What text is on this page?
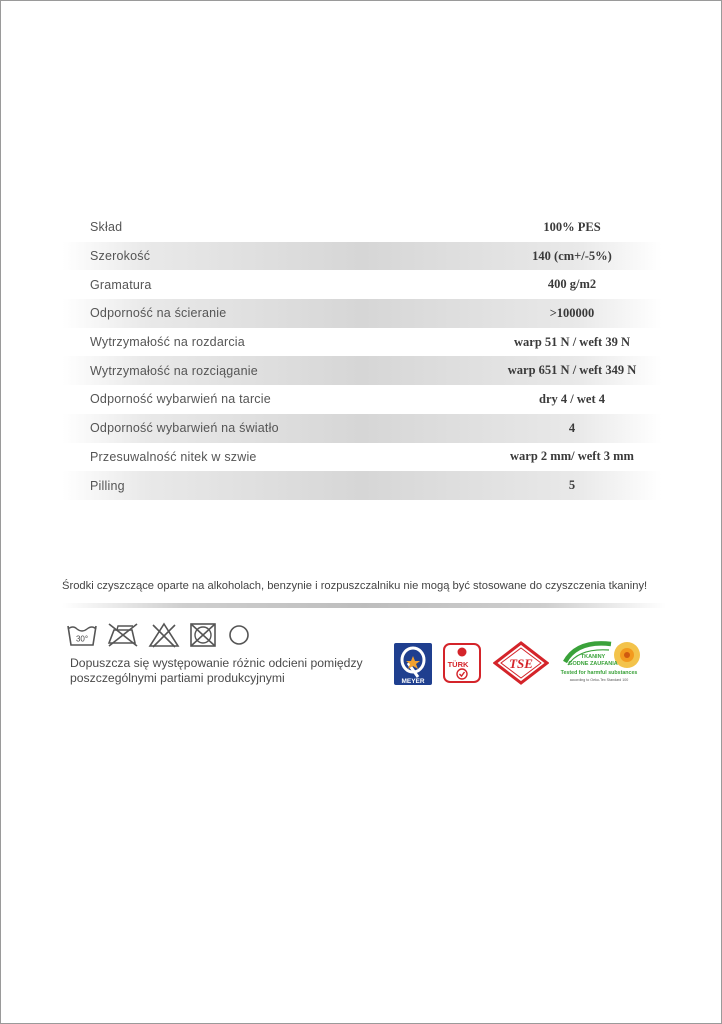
Skład	100% PES
Szerokość	140 (cm+/-5%)
Gramatura	400 g/m2
Odporność na ścieranie	>100000
Wytrzymałość na rozdarcia	warp 51 N / weft 39 N
Wytrzymałość na rozciąganie	warp 651 N / weft 349 N
Odporność wybarwień na tarcie	dry 4 / wet 4
Odporność wybarwień na światło	4
Przesuwalność nitek w szwie	warp 2 mm/ weft 3 mm
Pilling	5
Środki czyszczące oparte na alkoholach, benzynie i rozpuszczalniku nie mogą być stosowane do czyszczenia tkaniny!
30°
Dopuszcza się występowanie różnic odcieni pomiędzy poszczególnymi partiami produkcyjnymi	MEYER
TÜRK	TSE	TKANINY
GODNE ZAUFANIA
Tested for harmful substances
according to Oeko-Tex Standard 100
